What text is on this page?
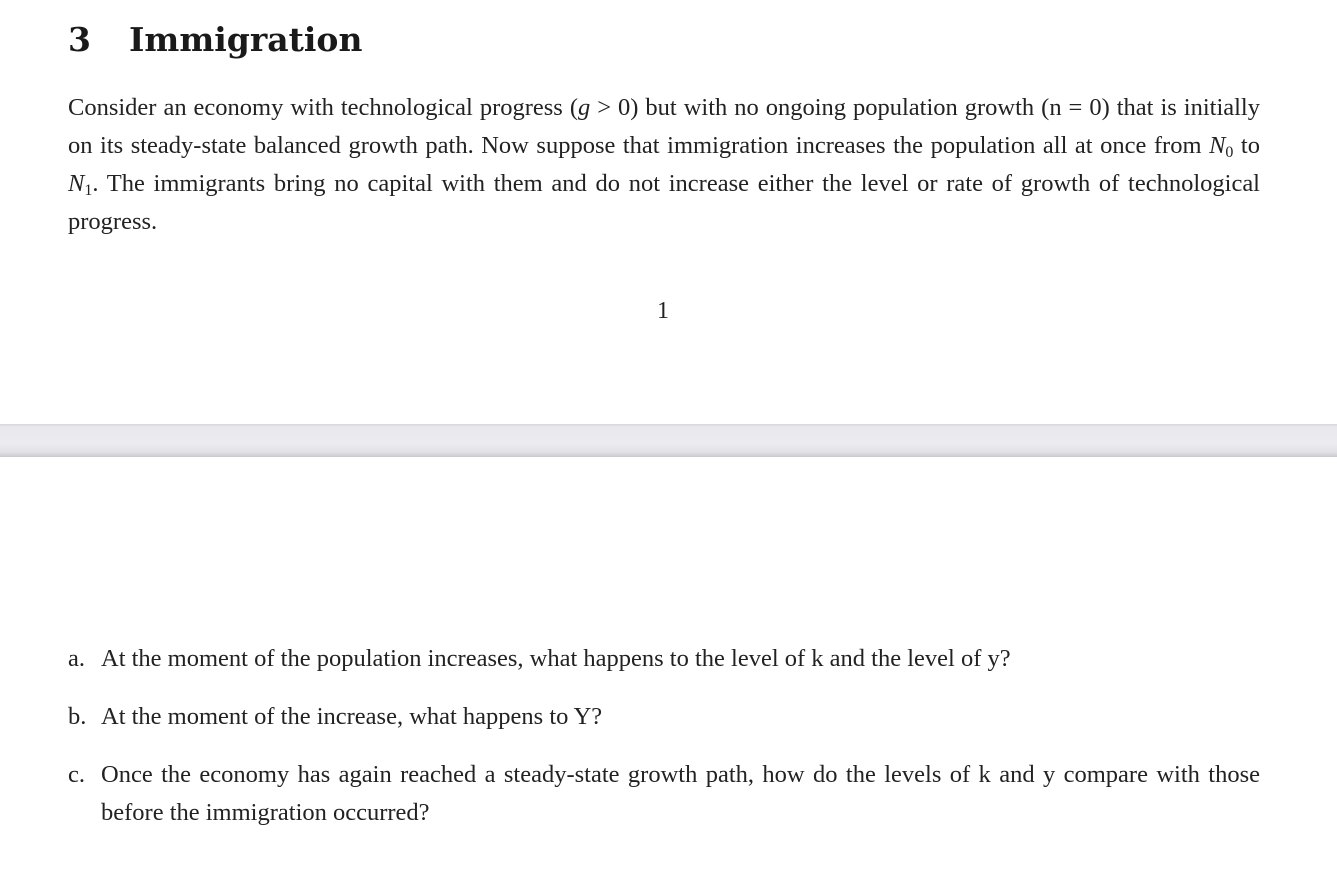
3 Immigration

Consider an economy with technological progress (g > 0) but with no ongoing population growth (n = 0) that is initially on its steady-state balanced growth path. Now suppose that immigration increases the population all at once from $N_0$ to $N_1$. The immigrants bring no capital with them and do not increase either the level or rate of growth of technological progress.

1
a. At the moment of the population increases, what happens to the level of k and the level of y?
b. At the moment of the increase, what happens to Y?
c. Once the economy has again reached a steady-state growth path, how do the levels of k and y compare with those before the immigration occurred?
